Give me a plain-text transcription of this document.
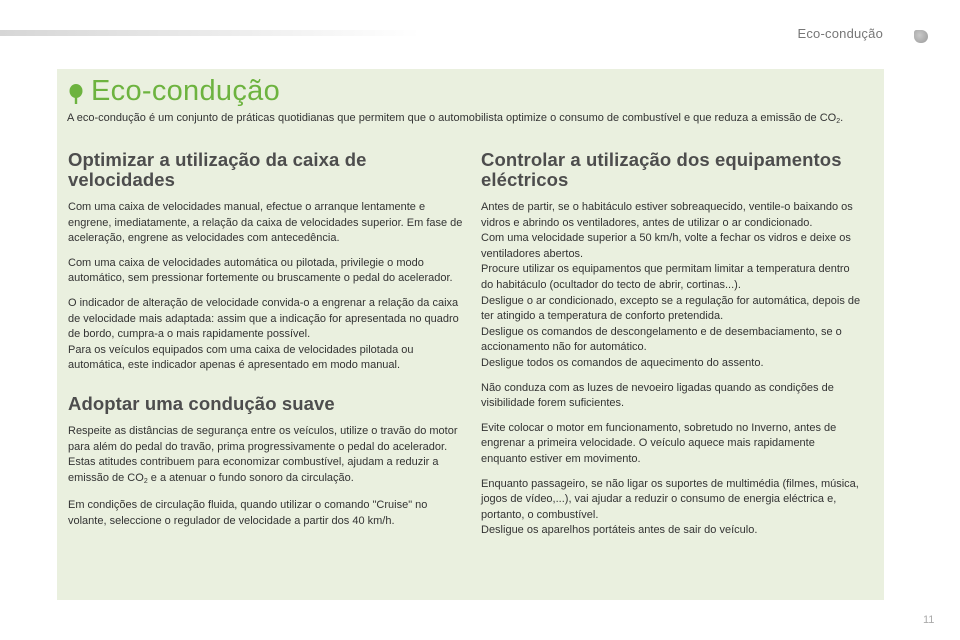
Eco-condução
Eco-condução
A eco-condução é um conjunto de práticas quotidianas que permitem que o automobilista optimize o consumo de combustível e que reduza a emissão de $CO_2$.
Optimizar a utilização da caixa de velocidades

Com uma caixa de velocidades manual, efectue o arranque lentamente e engrene, imediatamente, a relação da caixa de velocidades superior. Em fase de aceleração, engrene as velocidades com antecedência.

Com uma caixa de velocidades automática ou pilotada, privilegie o modo automático, sem pressionar fortemente ou bruscamente o pedal do acelerador.

O indicador de alteração de velocidade convida-o a engrenar a relação da caixa de velocidade mais adaptada: assim que a indicação for apresentada no quadro de bordo, cumpra-a o mais rapidamente possível.
Para os veículos equipados com uma caixa de velocidades pilotada ou automática, este indicador apenas é apresentado em modo manual.

Adoptar uma condução suave

Respeite as distâncias de segurança entre os veículos, utilize o travão do motor para além do pedal do travão, prima progressivamente o pedal do acelerador. Estas atitudes contribuem para economizar combustível, ajudam a reduzir a emissão de $CO_2$ e a atenuar o fundo sonoro da circulação.

Em condições de circulação fluida, quando utilizar o comando "Cruise" no volante, seleccione o regulador de velocidade a partir dos 40 km/h.

Controlar a utilização dos equipamentos eléctricos

Antes de partir, se o habitáculo estiver sobreaquecido, ventile-o baixando os vidros e abrindo os ventiladores, antes de utilizar o ar condicionado.
Com uma velocidade superior a 50 km/h, volte a fechar os vidros e deixe os ventiladores abertos.
Procure utilizar os equipamentos que permitam limitar a temperatura dentro do habitáculo (ocultador do tecto de abrir, cortinas...).
Desligue o ar condicionado, excepto se a regulação for automática, depois de ter atingido a temperatura de conforto pretendida.
Desligue os comandos de descongelamento e de desembaciamento, se o accionamento não for automático.
Desligue todos os comandos de aquecimento do assento.

Não conduza com as luzes de nevoeiro ligadas quando as condições de visibilidade forem suficientes.

Evite colocar o motor em funcionamento, sobretudo no Inverno, antes de engrenar a primeira velocidade. O veículo aquece mais rapidamente enquanto estiver em movimento.

Enquanto passageiro, se não ligar os suportes de multimédia (filmes, música, jogos de vídeo,...), vai ajudar a reduzir o consumo de energia eléctrica e, portanto, o combustível.
Desligue os aparelhos portáteis antes de sair do veículo.

11
